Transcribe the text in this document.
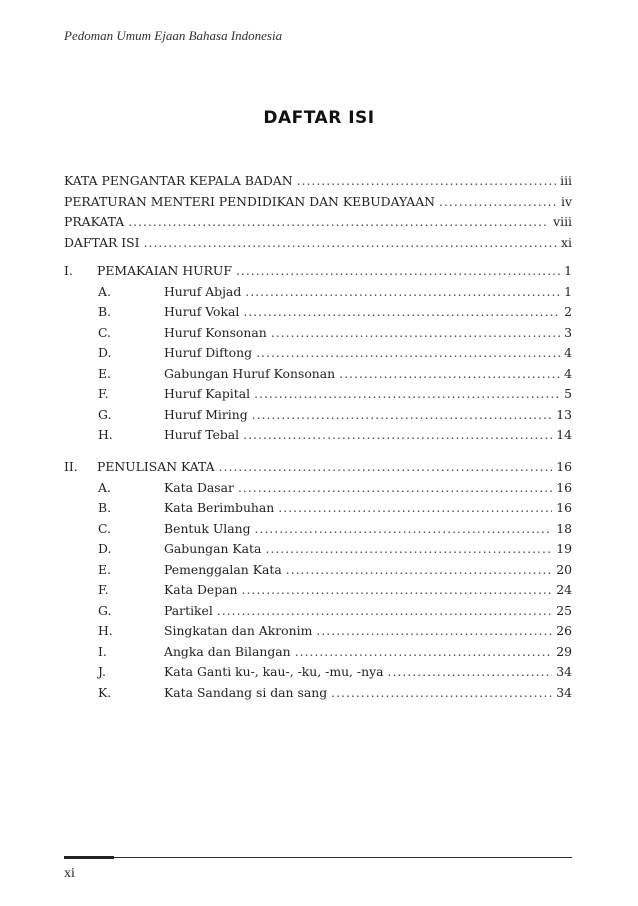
Pedoman Umum Ejaan Bahasa Indonesia
DAFTAR ISI
KATA PENGANTAR KEPALA BADAN .....	iii
PERATURAN MENTERI PENDIDIKAN DAN KEBUDAYAAN .....	iv
PRAKATA .....	viii
DAFTAR ISI .....	xi
I.	PEMAKAIAN HURUF .....	1
A.	Huruf Abjad .....	1
B.	Huruf Vokal .....	2
C.	Huruf Konsonan .....	3
D.	Huruf Diftong .....	4
E.	Gabungan Huruf Konsonan .....	4
F.	Huruf Kapital .....	5
G.	Huruf Miring .....	13
H.	Huruf Tebal .....	14
II.	PENULISAN KATA .....	16
A.	Kata Dasar .....	16
B.	Kata Berimbuhan .....	16
C.	Bentuk Ulang .....	18
D.	Gabungan Kata .....	19
E.	Pemenggalan Kata .....	20
F.	Kata Depan .....	24
G.	Partikel .....	25
H.	Singkatan dan Akronim .....	26
I.	Angka dan Bilangan .....	29
J.	Kata Ganti ku-, kau-, -ku, -mu, -nya .....	34
K.	Kata Sandang si dan sang .....	34
xi
